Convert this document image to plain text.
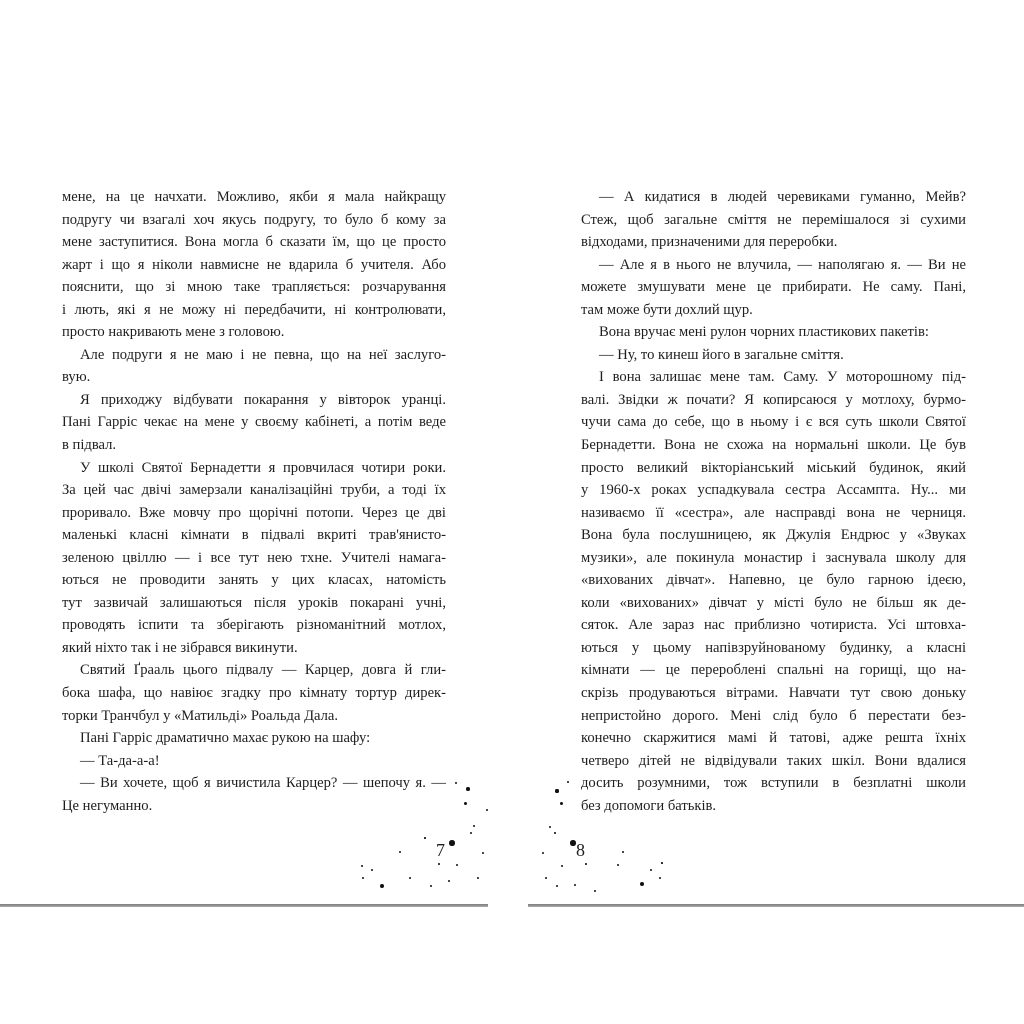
мене, на це начхати. Можливо, якби я мала найкращу
подругу чи взагалі хоч якусь подругу, то було б кому за
мене заступитися. Вона могла б сказати їм, що це просто
жарт і що я ніколи навмисне не вдарила б учителя. Або
пояснити, що зі мною таке трапляється: розчарування
і лють, які я не можу ні передбачити, ні контролювати,
просто накривають мене з головою.
Але подруги я не маю і не певна, що на неї заслуго-
вую.
Я приходжу відбувати покарання у вівторок уранці.
Пані Гарріс чекає на мене у своєму кабінеті, а потім веде
в підвал.
У школі Святої Бернадетти я провчилася чотири роки.
За цей час двічі замерзали каналізаційні труби, а тоді їх
проривало. Вже мовчу про щорічні потопи. Через це дві
маленькі класні кімнати в підвалі вкриті трав'янисто-
зеленою цвіллю — і все тут нею тхне. Учителі намага-
ються не проводити занять у цих класах, натомість
тут зазвичай залишаються після уроків покарані учні,
проводять іспити та зберігають різноманітний мотлох,
який ніхто так і не зібрався викинути.
Святий Ґрааль цього підвалу — Карцер, довга й гли-
бока шафа, що навіює згадку про кімнату тортур дирек-
торки Транчбул у «Матильді» Роальда Дала.
Пані Гарріс драматично махає рукою на шафу:
— Та-да-а-а!
— Ви хочете, щоб я вичистила Карцер? — шепочу я. —
Це негуманно.
7
— А кидатися в людей черевиками гуманно, Мейв?
Стеж, щоб загальне сміття не перемішалося зі сухими
відходами, призначеними для переробки.
— Але я в нього не влучила, — наполягаю я. — Ви не
можете змушувати мене це прибирати. Не саму. Пані,
там може бути дохлий щур.
Вона вручає мені рулон чорних пластикових пакетів:
— Ну, то кинеш його в загальне сміття.
І вона залишає мене там. Саму. У моторошному під-
валі. Звідки ж почати? Я копирсаюся у мотлоху, бурмо-
чучи сама до себе, що в ньому і є вся суть школи Святої
Бернадетти. Вона не схожа на нормальні школи. Це був
просто великий вікторіанський міський будинок, який
у 1960-х роках успадкувала сестра Ассампта. Ну... ми
називаємо її «сестра», але насправді вона не черниця.
Вона була послушницею, як Джулія Ендрюс у «Звуках
музики», але покинула монастир і заснувала школу для
«вихованих дівчат». Напевно, це було гарною ідеєю,
коли «вихованих» дівчат у місті було не більш як де-
сяток. Але зараз нас приблизно чотириста. Усі штовха-
ються у цьому напівзруйнованому будинку, а класні
кімнати — це перероблені спальні на горищі, що на-
скрізь продуваються вітрами. Навчати тут свою доньку
непристойно дорого. Мені слід було б перестати без-
конечно скаржитися мамі й татові, адже решта їхніх
четверо дітей не відвідували таких шкіл. Вони вдалися
досить розумними, тож вступили в безплатні школи
без допомоги батьків.
8
